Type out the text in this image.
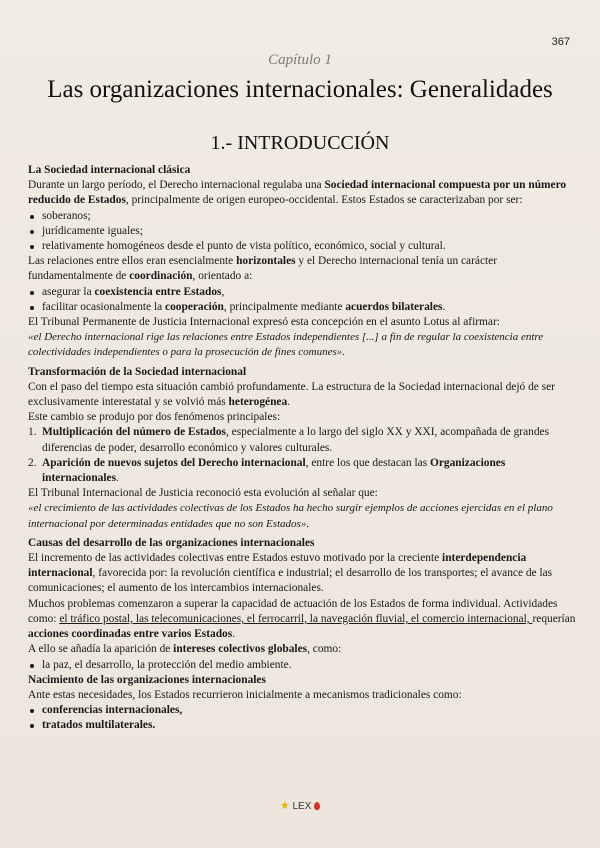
367
Capítulo 1
Las organizaciones internacionales: Generalidades
1.- INTRODUCCIÓN

La Sociedad internacional clásica

Durante un largo período, el Derecho internacional regulaba una Sociedad internacional compuesta por un número reducido de Estados, principalmente de origen europeo-occidental. Estos Estados se caracterizaban por ser:

soberanos;
jurídicamente iguales;
relativamente homogéneos desde el punto de vista político, económico, social y cultural.

Las relaciones entre ellos eran esencialmente horizontales y el Derecho internacional tenía un carácter fundamentalmente de coordinación, orientado a:

asegurar la coexistencia entre Estados,
facilitar ocasionalmente la cooperación, principalmente mediante acuerdos bilaterales.

El Tribunal Permanente de Justicia Internacional expresó esta concepción en el asunto Lotus al afirmar:

«el Derecho internacional rige las relaciones entre Estados independientes [...] a fin de regular la coexistencia entre colectividades independientes o para la prosecución de fines comunes».

Transformación de la Sociedad internacional

Con el paso del tiempo esta situación cambió profundamente. La estructura de la Sociedad internacional dejó de ser exclusivamente interestatal y se volvió más heterogénea.

Este cambio se produjo por dos fenómenos principales:

1. Multiplicación del número de Estados, especialmente a lo largo del siglo XX y XXI, acompañada de grandes diferencias de poder, desarrollo económico y valores culturales.
2. Aparición de nuevos sujetos del Derecho internacional, entre los que destacan las Organizaciones internacionales.

El Tribunal Internacional de Justicia reconoció esta evolución al señalar que:

«el crecimiento de las actividades colectivas de los Estados ha hecho surgir ejemplos de acciones ejercidas en el plano internacional por determinadas entidades que no son Estados».

Causas del desarrollo de las organizaciones internacionales

El incremento de las actividades colectivas entre Estados estuvo motivado por la creciente interdependencia internacional, favorecida por: la revolución científica e industrial; el desarrollo de los transportes; el avance de las comunicaciones; el aumento de los intercambios internacionales.

Muchos problemas comenzaron a superar la capacidad de actuación de los Estados de forma individual. Actividades como: el tráfico postal, las telecomunicaciones, el ferrocarril, la navegación fluvial, el comercio internacional, requerían acciones coordinadas entre varios Estados.

A ello se añadía la aparición de intereses colectivos globales, como:

la paz, el desarrollo, la protección del medio ambiente.

Nacimiento de las organizaciones internacionales

Ante estas necesidades, los Estados recurrieron inicialmente a mecanismos tradicionales como:

conferencias internacionales,
tratados multilaterales.
★ LEX
